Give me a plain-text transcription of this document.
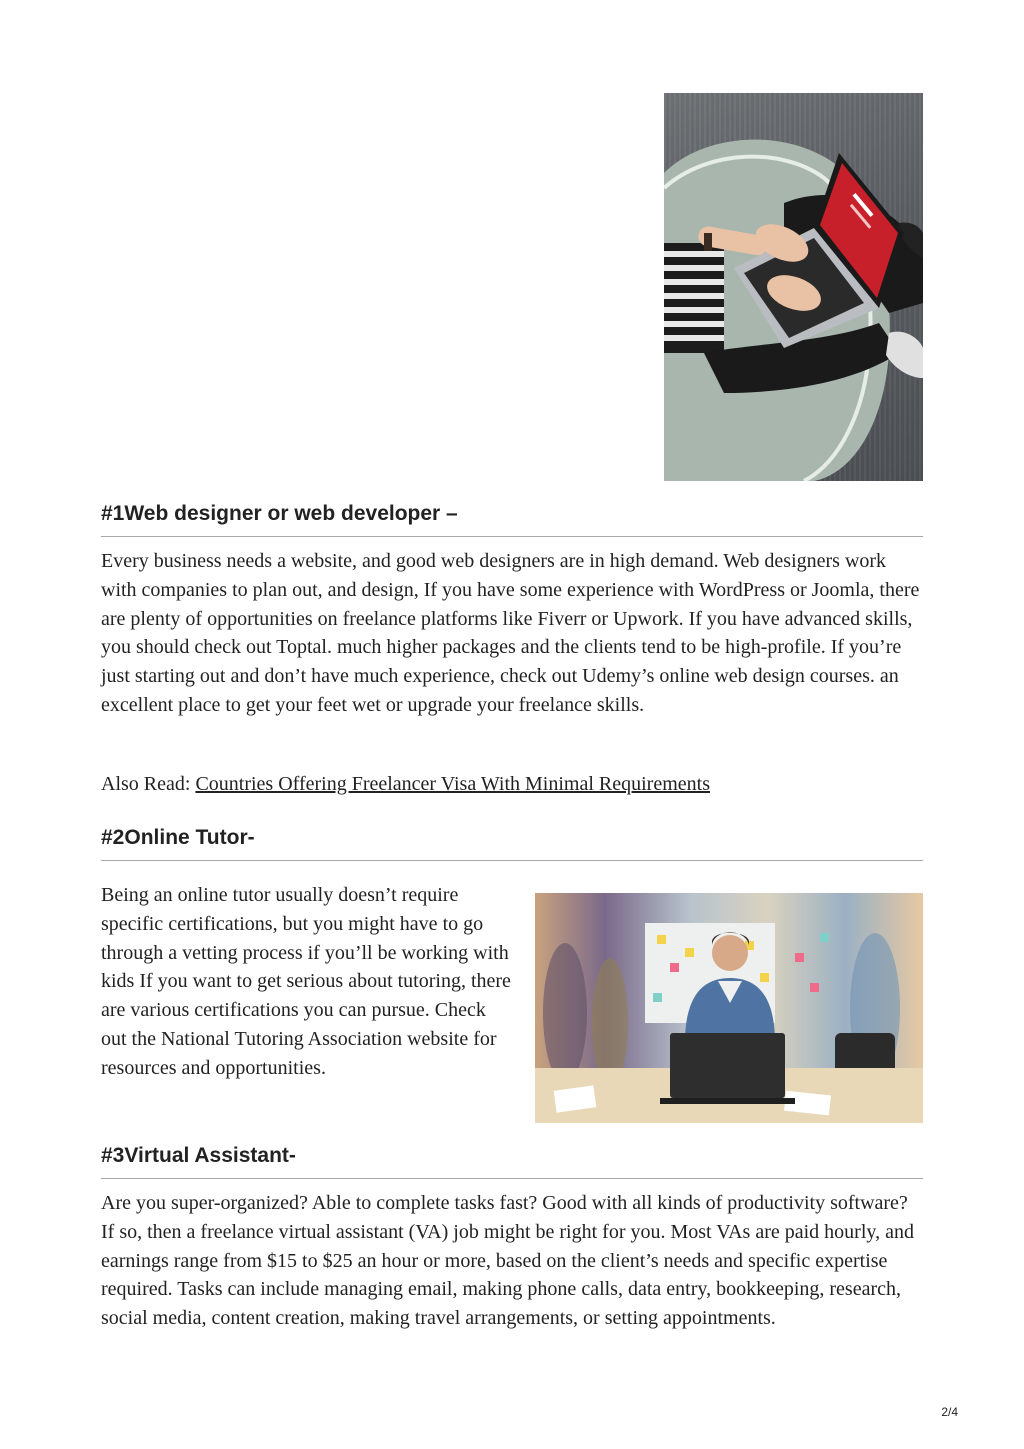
#1Web designer or web developer –

Every business needs a website, and good web designers are in high demand. Web designers work with companies to plan out, and design, If you have some experience with WordPress or Joomla, there are plenty of opportunities on freelance platforms like Fiverr or Upwork. If you have advanced skills, you should check out Toptal. much higher packages and the clients tend to be high-profile. If you’re just starting out and don’t have much experience, check out Udemy’s online web design courses. an excellent place to get your feet wet or upgrade your freelance skills.

Also Read: Countries Offering Freelancer Visa With Minimal Requirements

#2Online Tutor-

Being an online tutor usually doesn’t require specific certifications, but you might have to go through a vetting process if you’ll be working with kids If you want to get serious about tutoring, there are various certifications you can pursue. Check out the National Tutoring Association website for resources and opportunities.

#3Virtual Assistant-

Are you super-organized? Able to complete tasks fast? Good with all kinds of productivity software? If so, then a freelance virtual assistant (VA) job might be right for you. Most VAs are paid hourly, and earnings range from $15 to $25 an hour or more, based on the client’s needs and specific expertise required. Tasks can include managing email, making phone calls, data entry, bookkeeping, research, social media, content creation, making travel arrangements, or setting appointments.

2/4
